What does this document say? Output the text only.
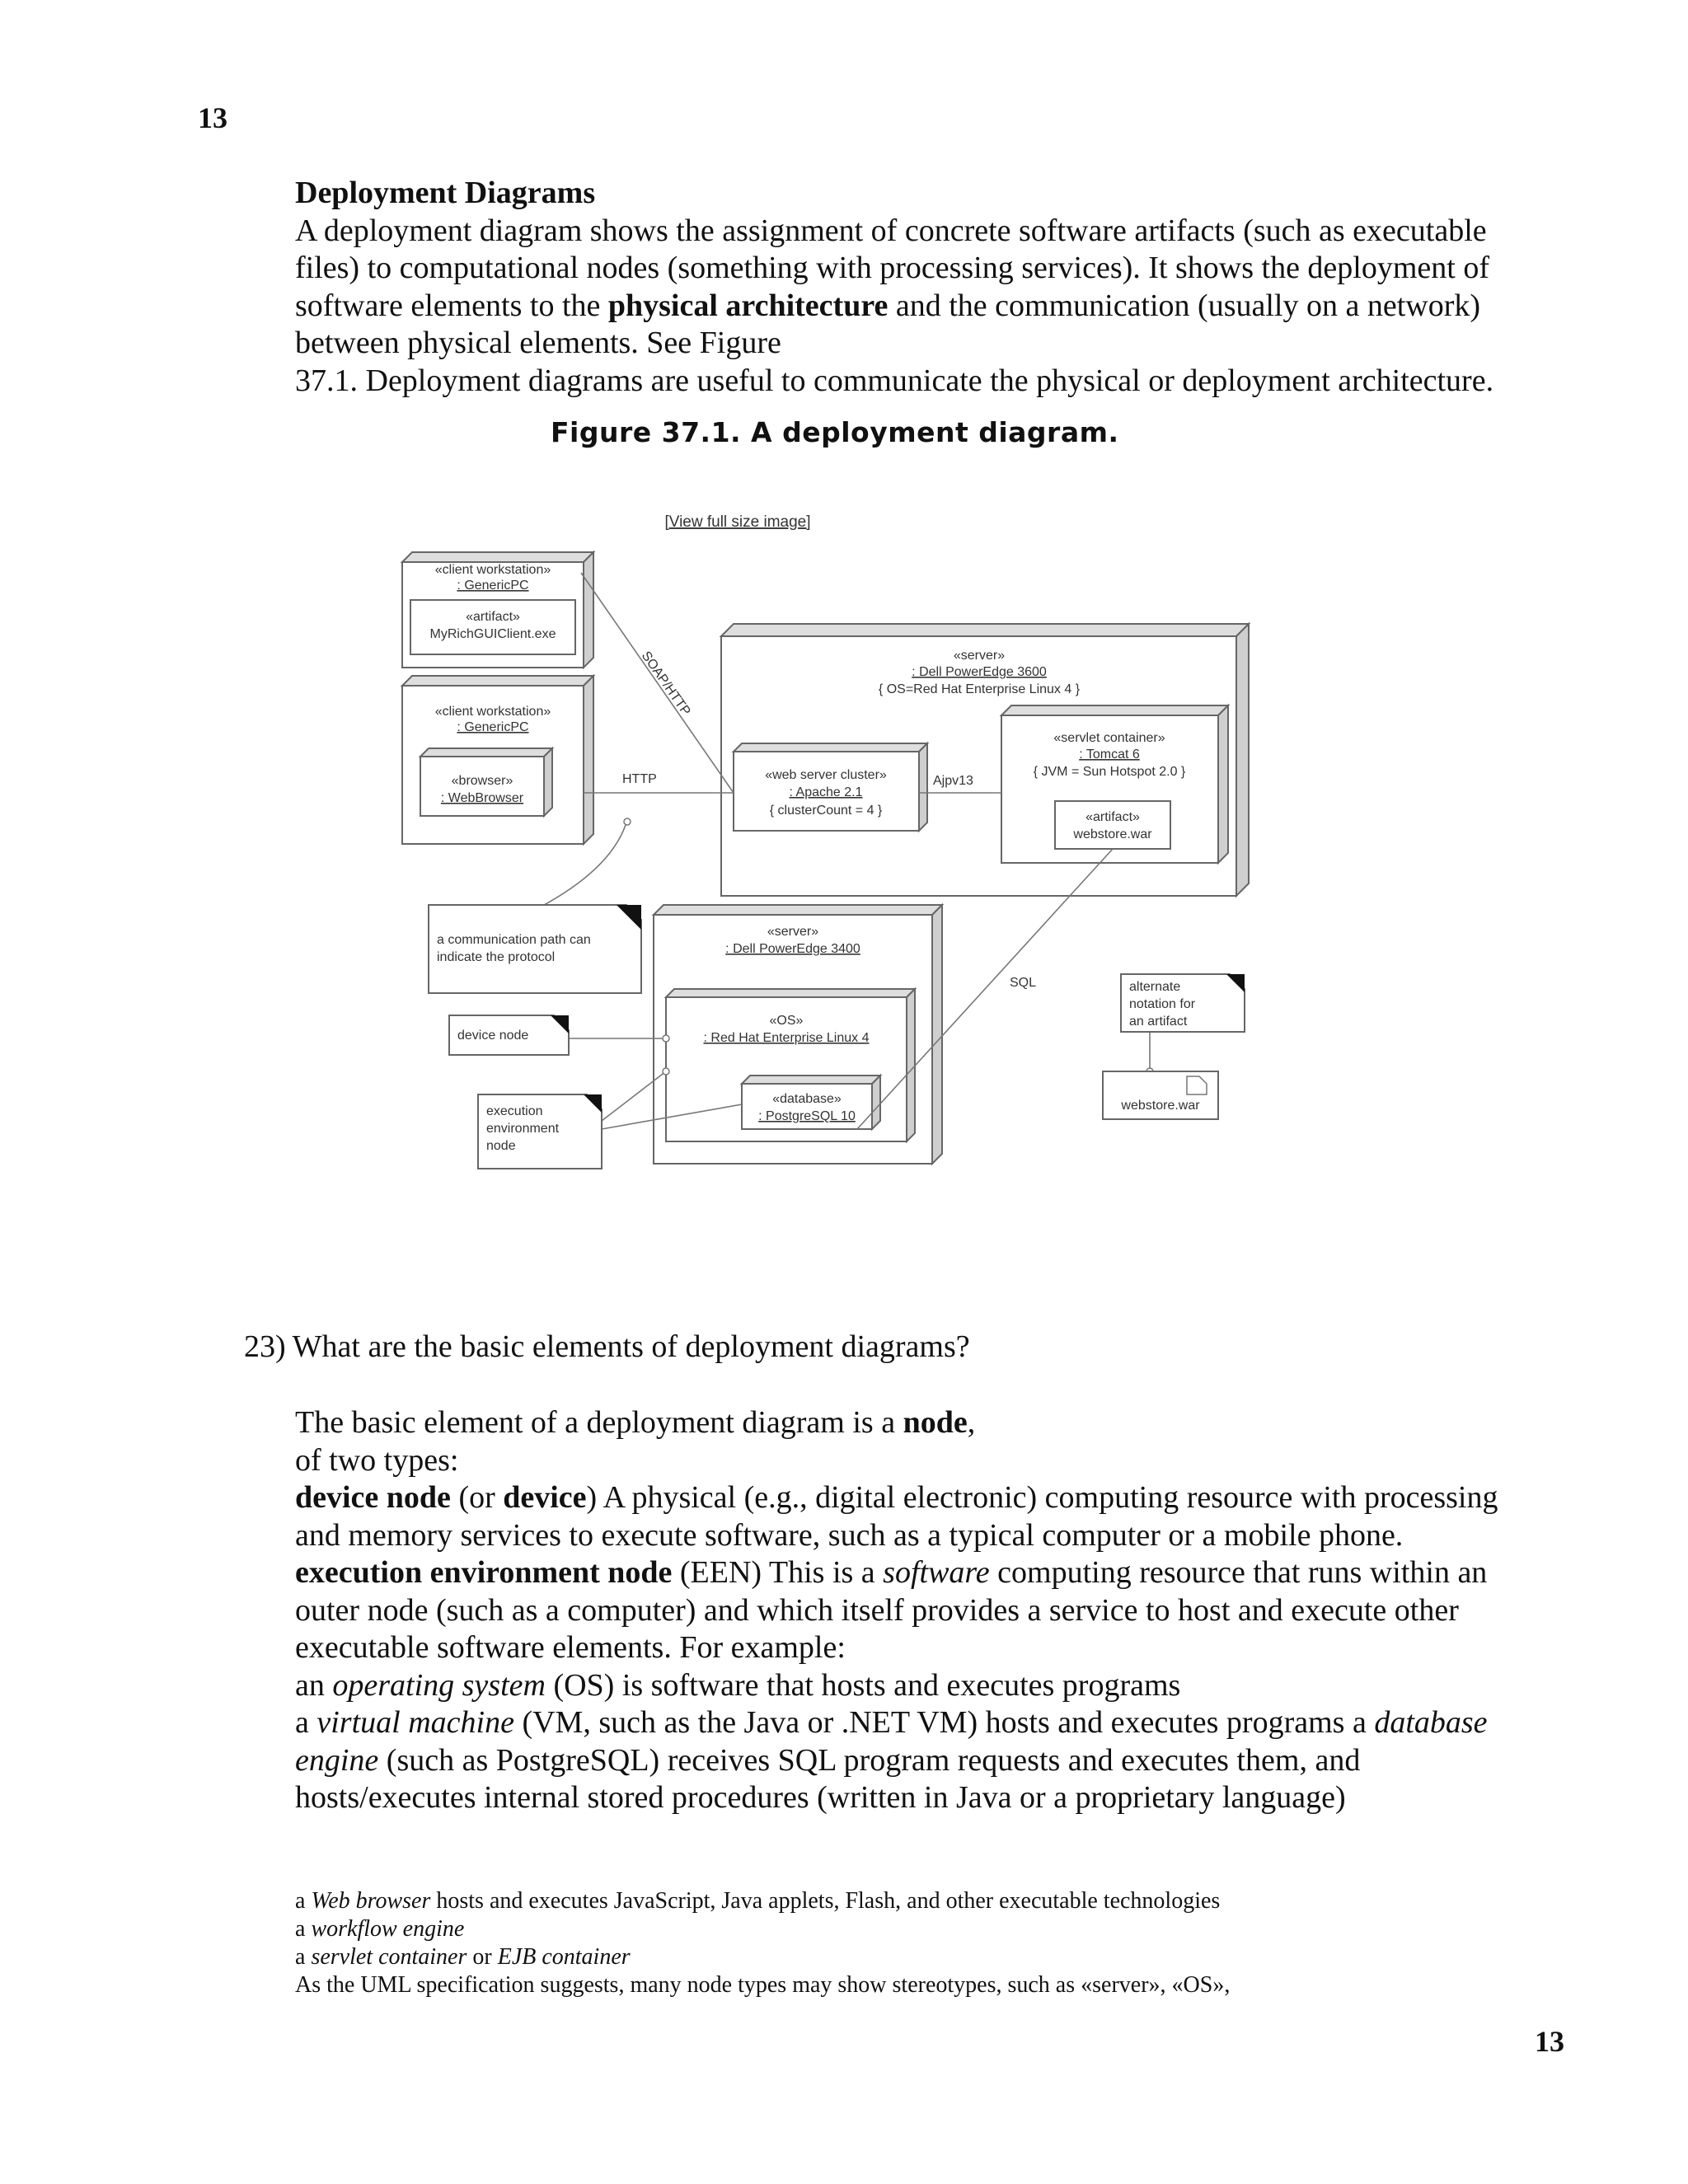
13
Deployment Diagrams
A deployment diagram shows the assignment of concrete software artifacts (such as executable
files) to computational nodes (something with processing services). It shows the deployment of
software elements to the physical architecture and the communication (usually on a network)
between physical elements. See Figure
37.1. Deployment diagrams are useful to communicate the physical or deployment architecture.
Figure 37.1. A deployment diagram.
[View full size image]
«client workstation»
: GenericPC
«artifact»
MyRichGUIClient.exe
«client workstation»
: GenericPC
«browser»
: WebBrowser
«server»
: Dell PowerEdge 3600
{ OS=Red Hat Enterprise Linux 4 }
«web server cluster»
: Apache 2.1
{ clusterCount = 4 }
«servlet container»
: Tomcat 6
{ JVM = Sun Hotspot 2.0 }
«artifact»
webstore.war
«server»
: Dell PowerEdge 3400
«OS»
: Red Hat Enterprise Linux 4
«database»
: PostgreSQL 10
SOAP/HTTP
HTTP	Ajpv13
SQL
a communication path can
indicate the protocol
device node
execution
environment
node
alternate
notation for
an artifact
webstore.war
23) What are the basic elements of deployment diagrams?
The basic element of a deployment diagram is a node,
of two types:
device node (or device) A physical (e.g., digital electronic) computing resource with processing
and memory services to execute software, such as a typical computer or a mobile phone.
execution environment node (EEN) This is a software computing resource that runs within an
outer node (such as a computer) and which itself provides a service to host and execute other
executable software elements. For example:
an operating system (OS) is software that hosts and executes programs
a virtual machine (VM, such as the Java or .NET VM) hosts and executes programs a database
engine (such as PostgreSQL) receives SQL program requests and executes them, and
hosts/executes internal stored procedures (written in Java or a proprietary language)
a Web browser hosts and executes JavaScript, Java applets, Flash, and other executable technologies
a workflow engine
a servlet container or EJB container
As the UML specification suggests, many node types may show stereotypes, such as «server», «OS»,
13
